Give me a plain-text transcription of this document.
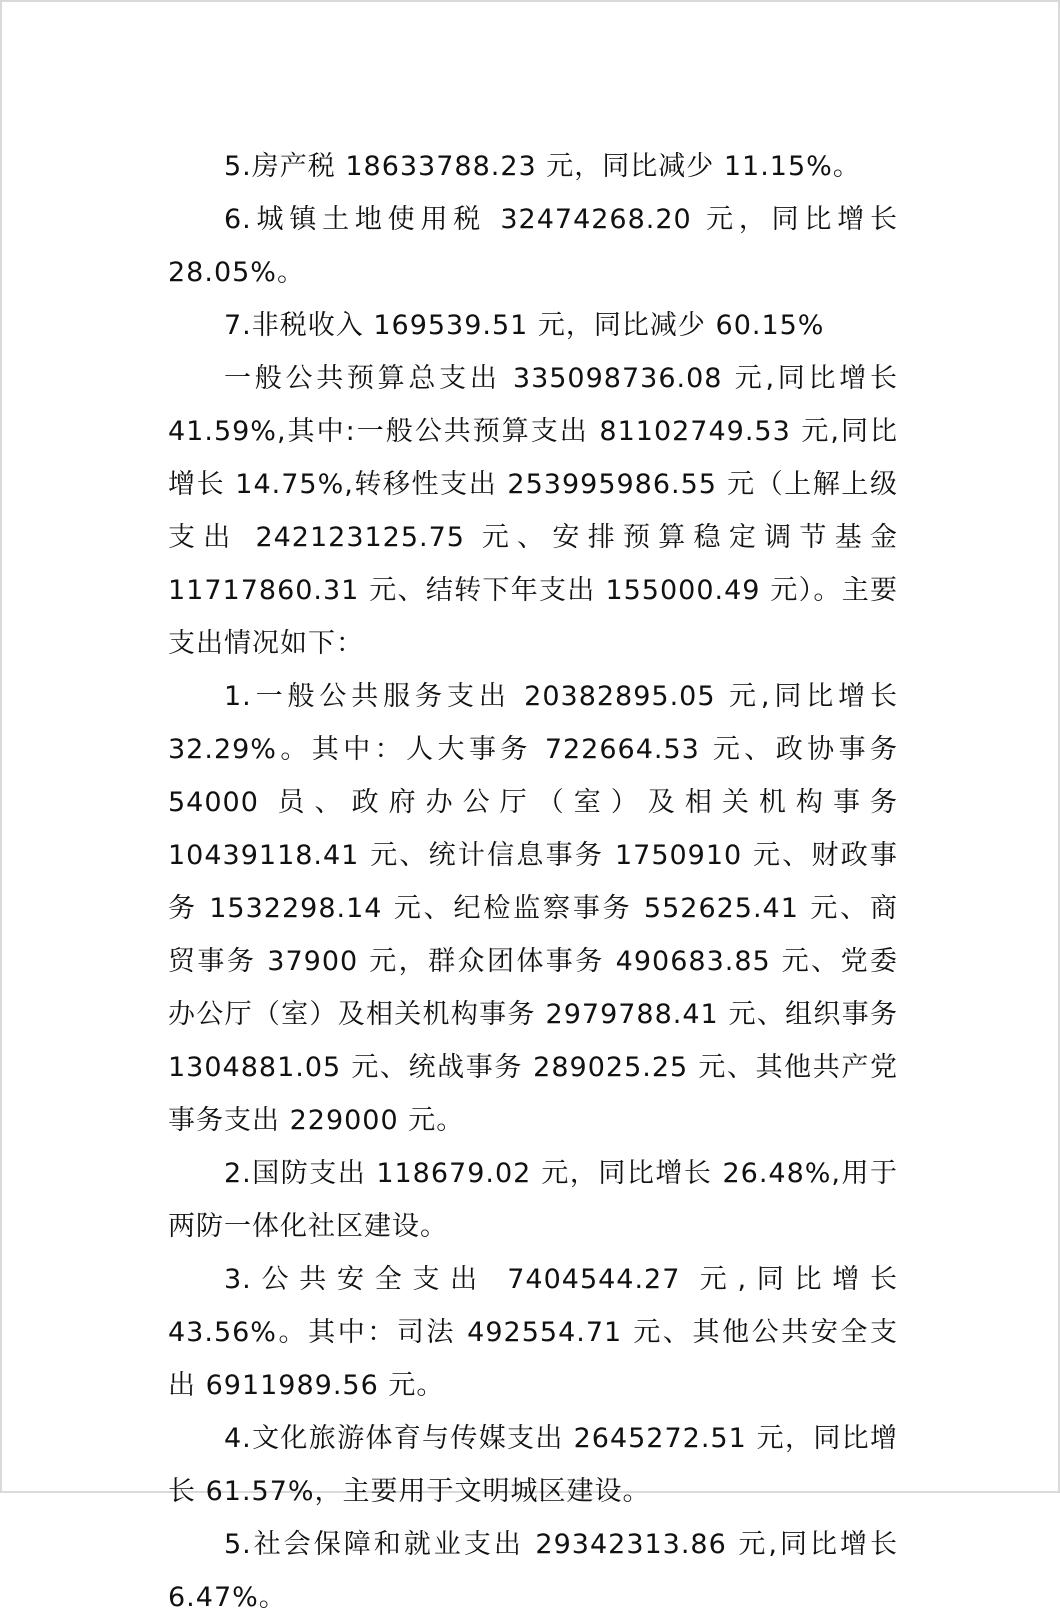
5.房产税 18633788.23 元，同比减少 11.15%。

6.城镇土地使用税 32474268.20 元，同比增长 28.05%。

7.非税收入 169539.51 元，同比减少 60.15%

一般公共预算总支出 335098736.08 元,同比增长 41.59%,其中:一般公共预算支出 81102749.53 元,同比增长 14.75%,转移性支出 253995986.55 元（上解上级支出 242123125.75 元、安排预算稳定调节基金 11717860.31 元、结转下年支出 155000.49 元）。主要支出情况如下：

1.一般公共服务支出 20382895.05 元,同比增长 32.29%。其中：人大事务 722664.53 元、政协事务 54000 员、政府办公厅（室）及相关机构事务 10439118.41 元、统计信息事务 1750910 元、财政事务 1532298.14 元、纪检监察事务 552625.41 元、商贸事务 37900 元，群众团体事务 490683.85 元、党委办公厅（室）及相关机构事务 2979788.41 元、组织事务 1304881.05 元、统战事务 289025.25 元、其他共产党事务支出 229000 元。

2.国防支出 118679.02 元，同比增长 26.48%,用于两防一体化社区建设。

3.公共安全支出 7404544.27 元,同比增长 43.56%。其中：司法 492554.71 元、其他公共安全支出 6911989.56 元。

4.文化旅游体育与传媒支出 2645272.51 元，同比增长 61.57%，主要用于文明城区建设。

5.社会保障和就业支出 29342313.86 元,同比增长 6.47%。
